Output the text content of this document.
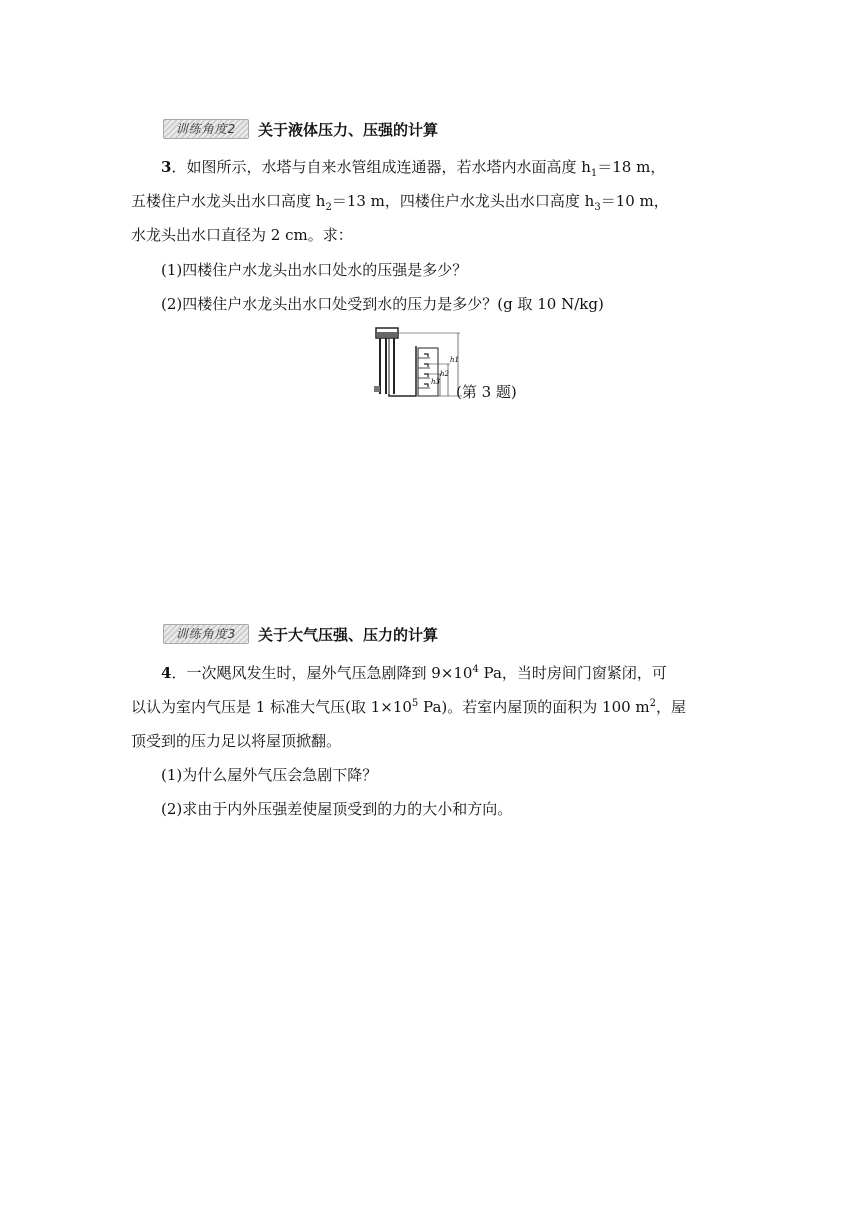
训练角度2	关于液体压力、压强的计算
3．如图所示，水塔与自来水管组成连通器，若水塔内水面高度 $h_1=18$ m，
五楼住户水龙头出水口高度 $h_2=13$ m，四楼住户水龙头出水口高度 $h_3=10$ m，
水龙头出水口直径为 2 cm。求：
(1)四楼住户水龙头出水口处水的压强是多少？
(2)四楼住户水龙头出水口处受到水的压力是多少？(g 取 10 N/kg)
h1
h2
h3
(第 3 题)
训练角度3	关于大气压强、压力的计算
4．一次飓风发生时，屋外气压急剧降到 $9\times 10^4$ Pa，当时房间门窗紧闭，可
以认为室内气压是 1 标准大气压(取 $1\times 10^5$ Pa)。若室内屋顶的面积为 100 $m^2$，屋
顶受到的压力足以将屋顶掀翻。
(1)为什么屋外气压会急剧下降？
(2)求由于内外压强差使屋顶受到的力的大小和方向。
